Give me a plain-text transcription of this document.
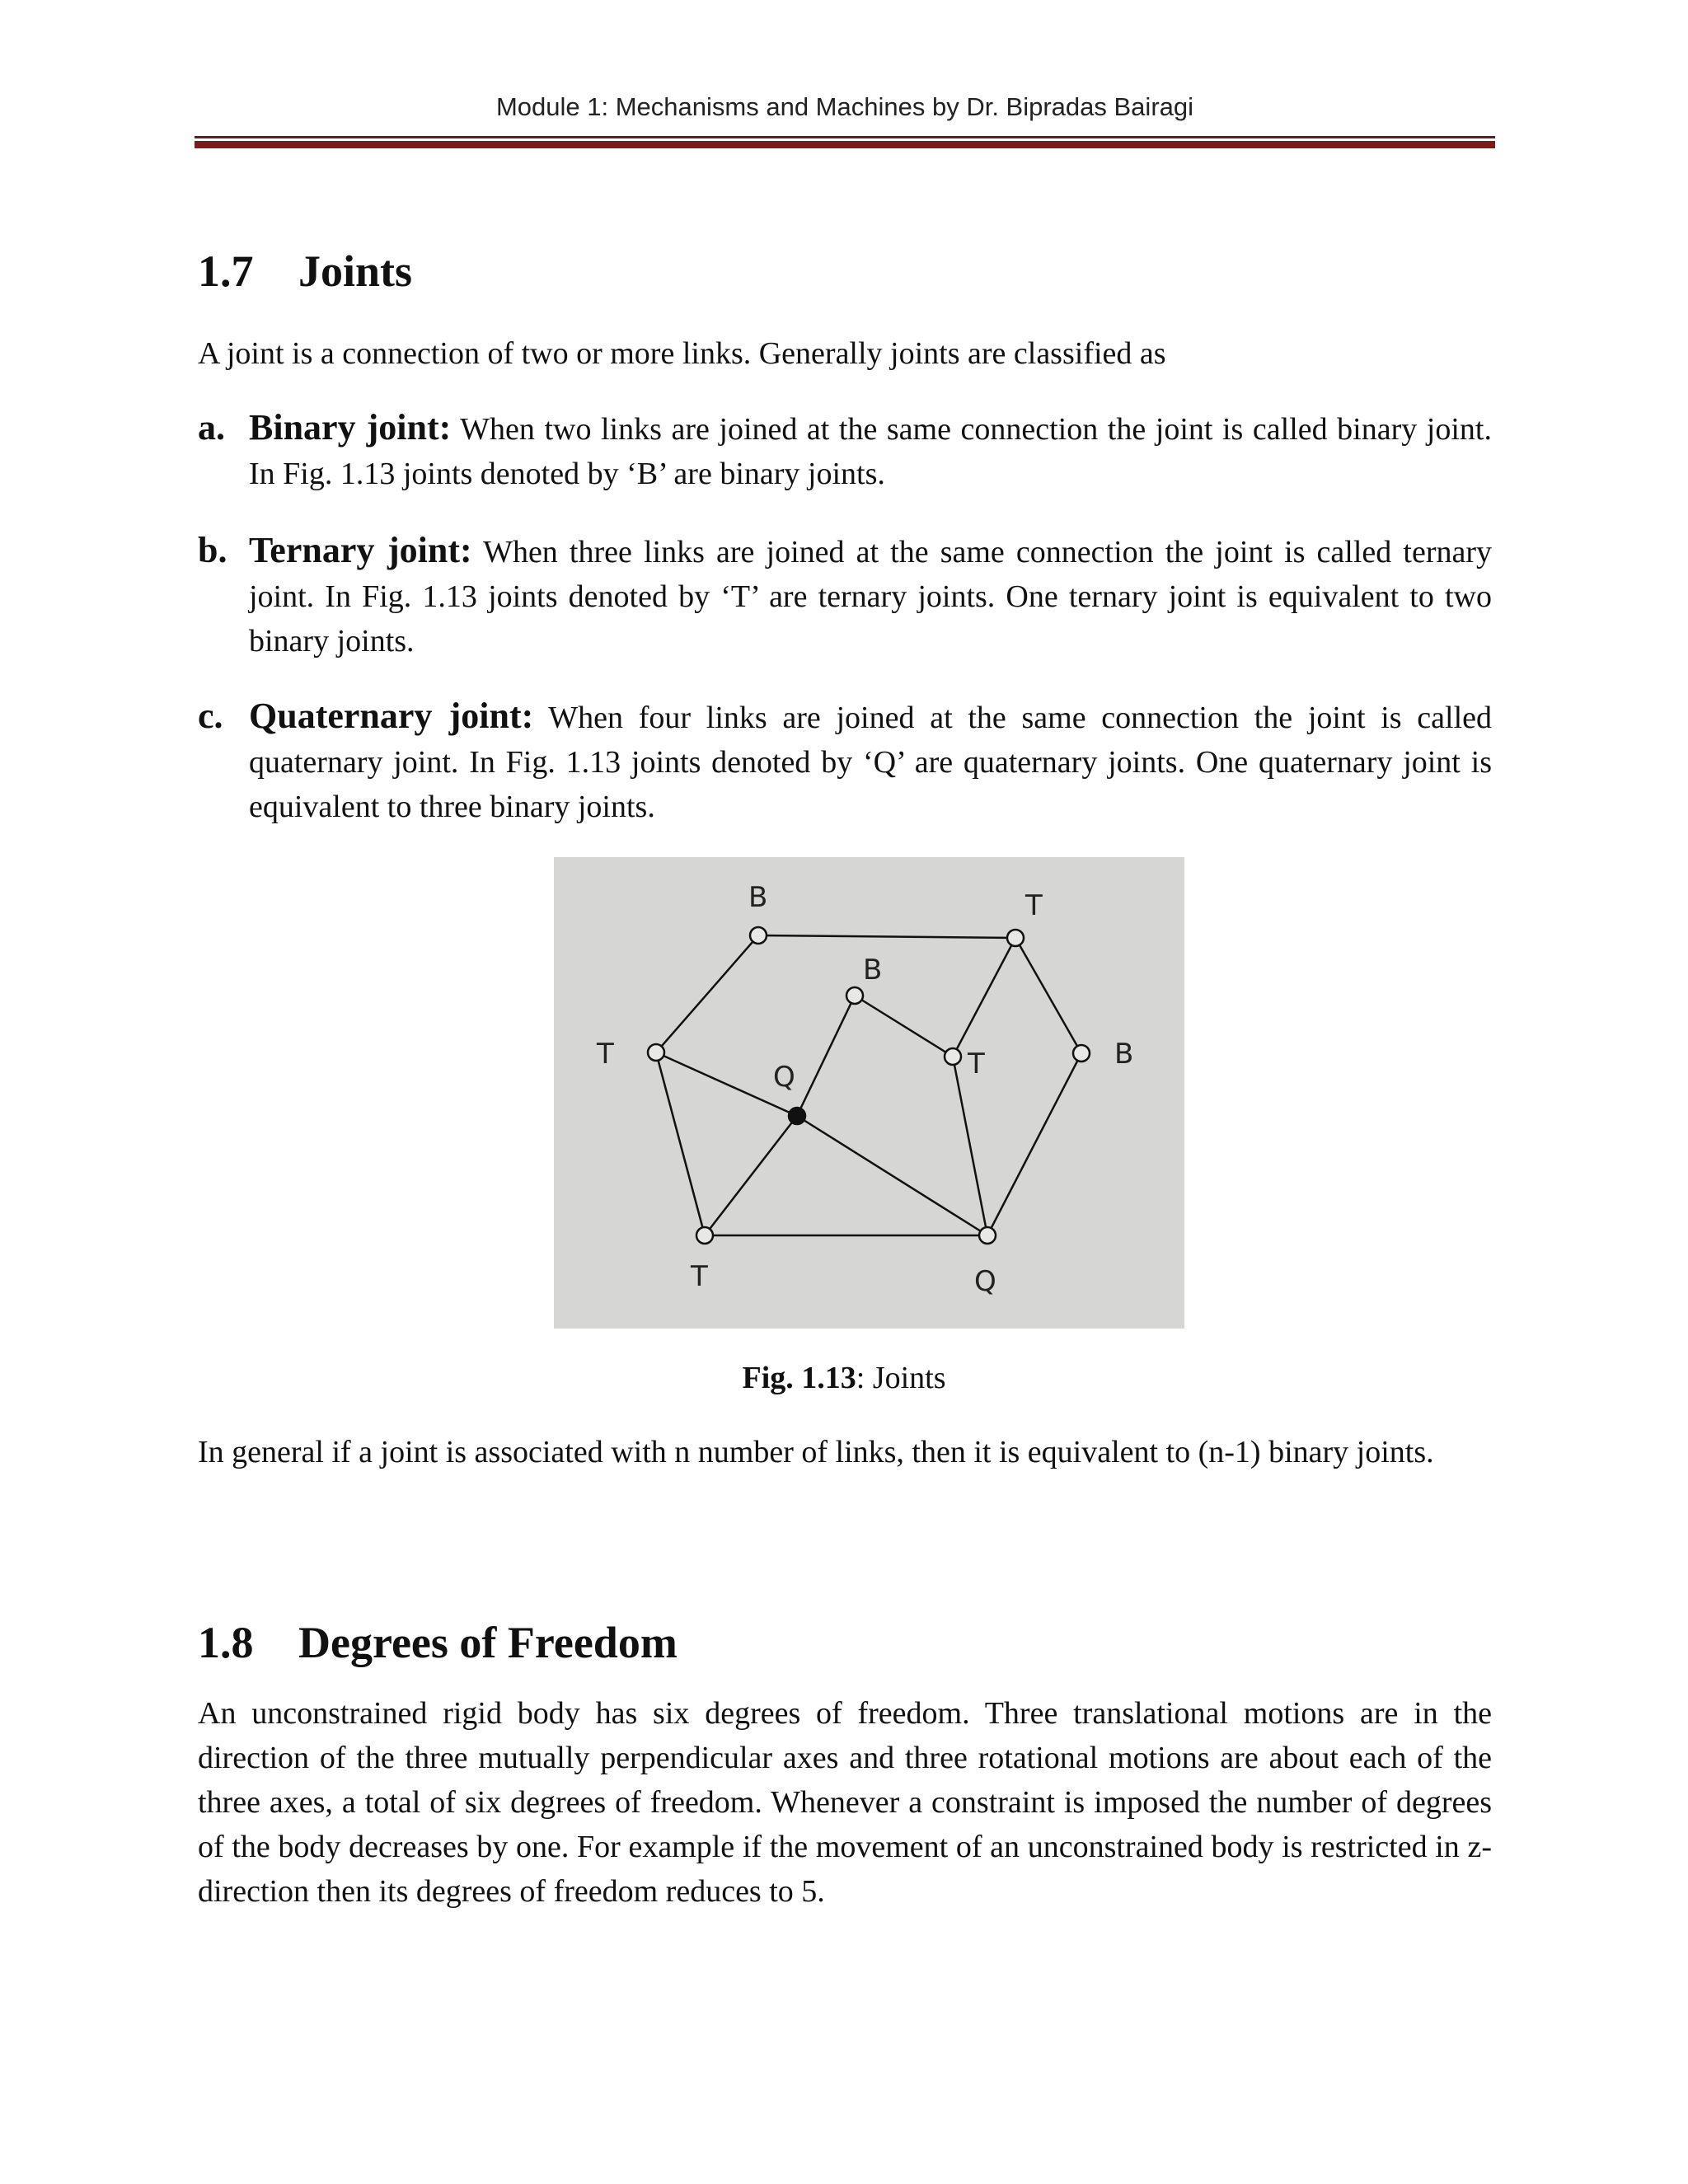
Module 1: Mechanisms and Machines by Dr. Bipradas Bairagi
1.7 Joints
A joint is a connection of two or more links. Generally joints are classified as
a. Binary joint: When two links are joined at the same connection the joint is called binary joint. In Fig. 1.13 joints denoted by ‘B’ are binary joints.
b. Ternary joint: When three links are joined at the same connection the joint is called ternary joint. In Fig. 1.13 joints denoted by ‘T’ are ternary joints. One ternary joint is equivalent to two binary joints.
c. Quaternary joint: When four links are joined at the same connection the joint is called quaternary joint. In Fig. 1.13 joints denoted by ‘Q’ are quaternary joints. One quaternary joint is equivalent to three binary joints.
B	T
B
T
Q	T	B
T	Q
Fig. 1.13: Joints
In general if a joint is associated with n number of links, then it is equivalent to (n-1) binary joints.
1.8 Degrees of Freedom
An unconstrained rigid body has six degrees of freedom. Three translational motions are in the direction of the three mutually perpendicular axes and three rotational motions are about each of the three axes, a total of six degrees of freedom. Whenever a constraint is imposed the number of degrees of the body decreases by one. For example if the movement of an unconstrained body is restricted in z-direction then its degrees of freedom reduces to 5.
